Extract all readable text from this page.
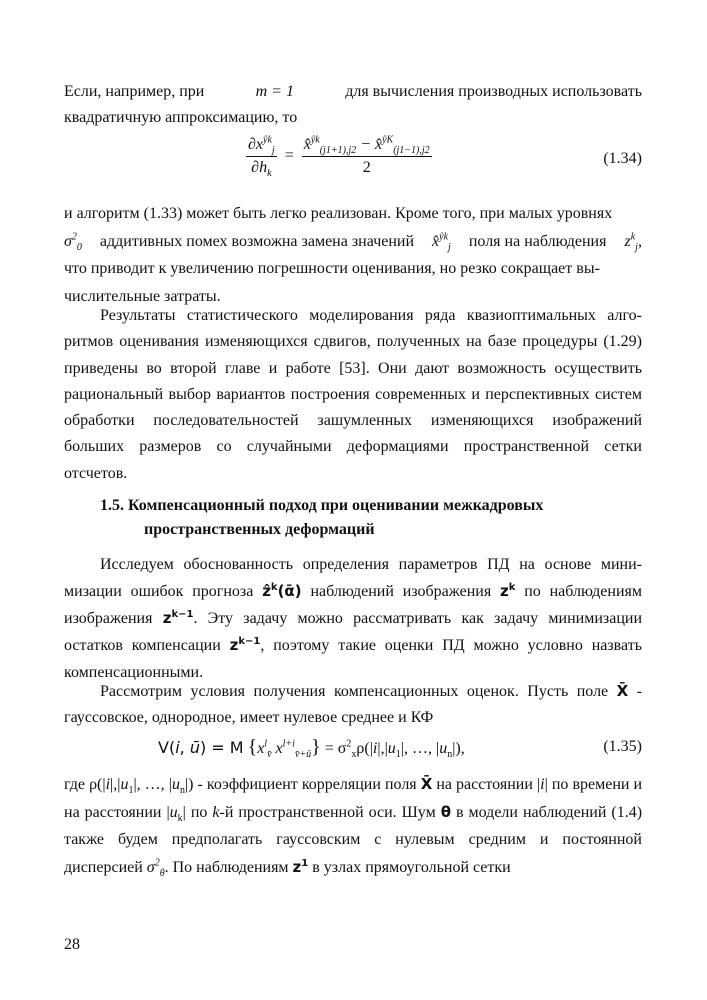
Если, например, при	m = 1	для вычисления производных использовать
квадратичную аппроксимацию, то
$\frac{\partial x^{ŷk}_j}{\partial h_k} = \frac{x̂^{ŷk}_{(j1+1),j2} - x̂^{ŷK}_{(j1-1),j2}}{2}$	(1.34)
и алгоритм (1.33) может быть легко реализован. Кроме того, при малых уровнях
$\sigma^2_0$ аддитивных помех возможна замена значений x̂$^{ŷk}_j$ поля на наблюдения $z^k_j$,
что приводит к увеличению погрешности оценивания, но резко сокращает вы-
числительные затраты.
Результаты статистического моделирования ряда квазиоптимальных алгоритмов оценивания изменяющихся сдвигов, полученных на базе процедуры (1.29) приведены во второй главе и работе [53]. Они дают возможность осуществить рациональный выбор вариантов построения современных и перспективных систем обработки последовательностей зашумленных изменяющихся изображений больших размеров со случайными деформациями пространственной сетки отсчетов.
1.5. Компенсационный подход при оценивании межкадровых
пространственных деформаций
Исследуем обоснованность определения параметров ПД на основе минимизации ошибок прогноза ẑ$^k$(ᾱ) наблюдений изображения $z^k$ по наблюдениям изображения $z^{k-1}$. Эту задачу можно рассматривать как задачу минимизации остатков компенсации $z^{k-1}$, поэтому такие оценки ПД можно условно назвать компенсационными.
Рассмотрим условия получения компенсационных оценок. Пусть поле X̄ - гауссовское, однородное, имеет нулевое среднее и КФ
V(i, ū) = M {$x^l_{v̄}$ $x^{l+i}_{v̄+ū}\} = \sigma^2_x\rho(|i|,|u_1|$, …, $|u_n|$),	(1.35)
где $\rho(|i|,|u_1|$, …, $|u_n|$) - коэффициент корреляции поля X̄ на расстоянии |i| по времени и на расстоянии $|u_k|$ по k-й пространственной оси. Шум θ в модели наблюдений (1.4) также будем предполагать гауссовским с нулевым средним и постоянной дисперсией $\sigma^2_\theta$. По наблюдениям $z^1$ в узлах прямоугольной сетки
28
